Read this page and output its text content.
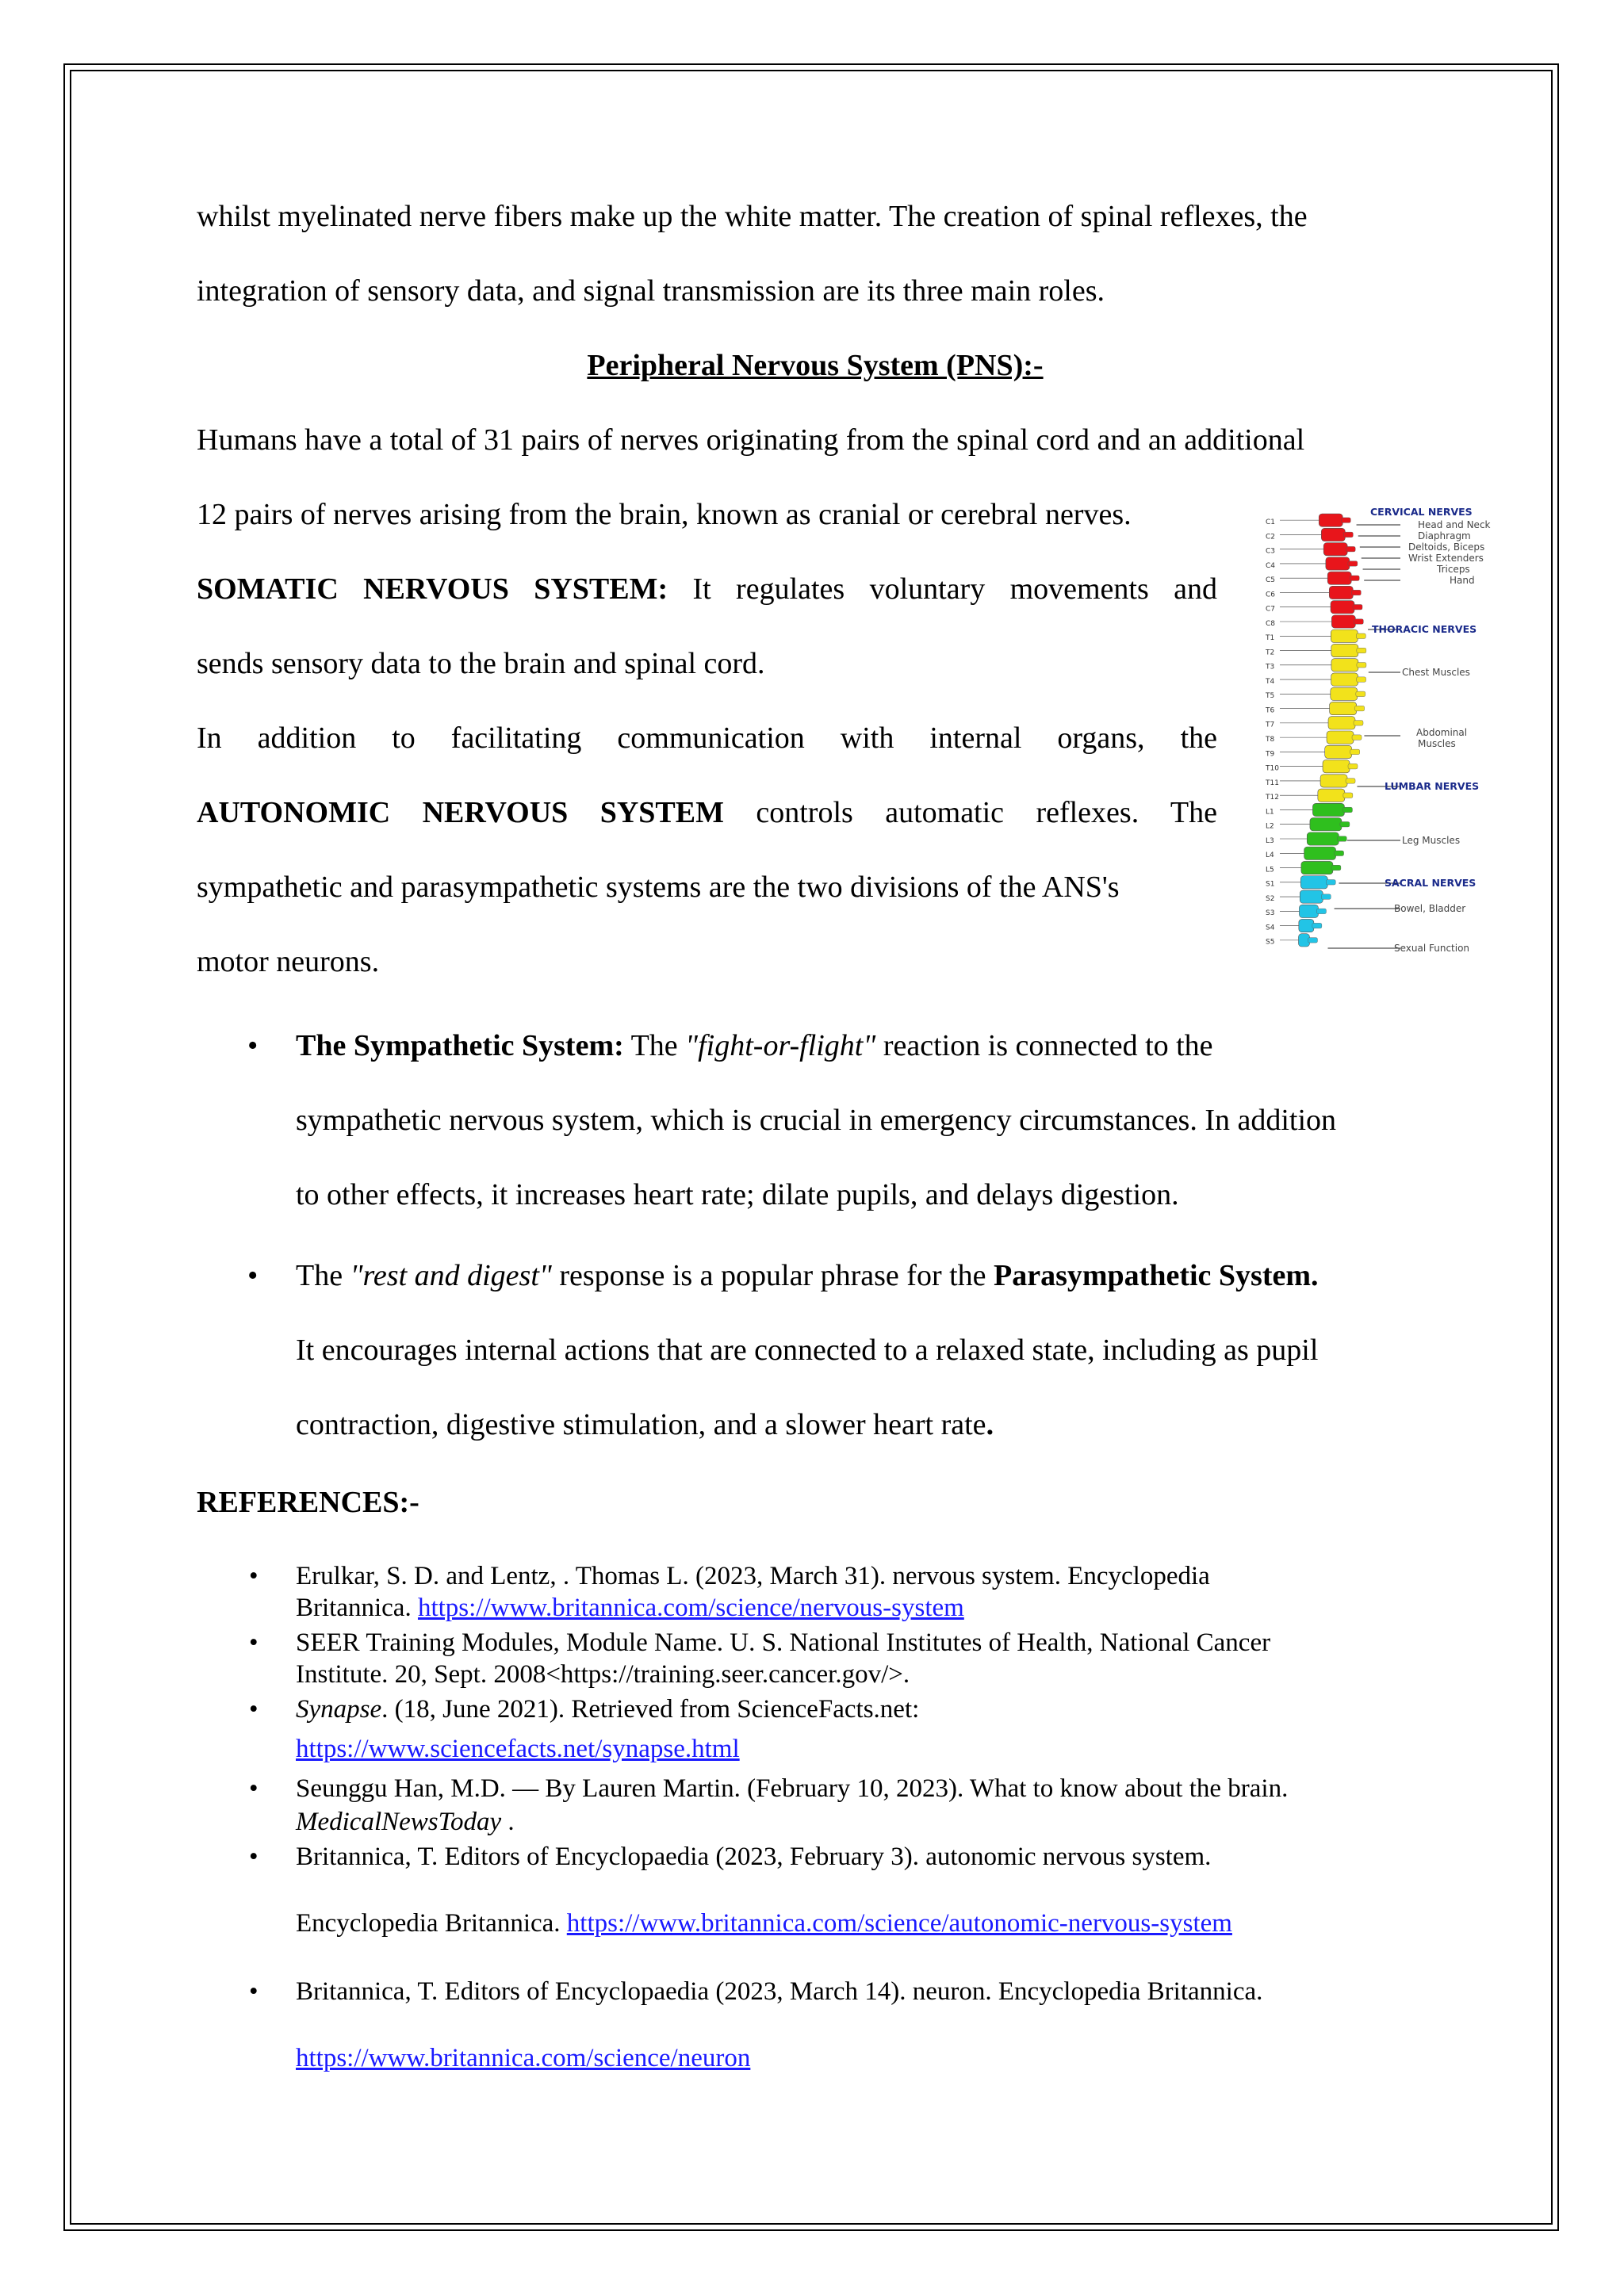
whilst myelinated nerve fibers make up the white matter. The creation of spinal reflexes, the
integration of sensory data, and signal transmission are its three main roles.
Peripheral Nervous System (PNS):-
Humans have a total of 31 pairs of nerves originating from the spinal cord and an additional
12 pairs of nerves arising from the brain, known as cranial or cerebral nerves.
SOMATIC NERVOUS SYSTEM: It regulates voluntary movements and
sends sensory data to the brain and spinal cord.
In addition to facilitating communication with internal organs, the
AUTONOMIC NERVOUS SYSTEM controls automatic reflexes. The
sympathetic and parasympathetic systems are the two divisions of the ANS's
motor neurons.
• The Sympathetic System: The "fight-or-flight" reaction is connected to the
sympathetic nervous system, which is crucial in emergency circumstances. In addition
to other effects, it increases heart rate; dilate pupils, and delays digestion.
• The "rest and digest" response is a popular phrase for the Parasympathetic System.
It encourages internal actions that are connected to a relaxed state, including as pupil
contraction, digestive stimulation, and a slower heart rate.
REFERENCES:-
• Erulkar, S. D. and Lentz, . Thomas L. (2023, March 31). nervous system. Encyclopedia
Britannica. https://www.britannica.com/science/nervous-system
• SEER Training Modules, Module Name. U. S. National Institutes of Health, National Cancer
Institute. 20, Sept. 2008<https://training.seer.cancer.gov/>.
• Synapse. (18, June 2021). Retrieved from ScienceFacts.net:
https://www.sciencefacts.net/synapse.html
• Seunggu Han, M.D. — By Lauren Martin. (February 10, 2023). What to know about the brain.
MedicalNewsToday .
• Britannica, T. Editors of Encyclopaedia (2023, February 3). autonomic nervous system.
Encyclopedia Britannica. https://www.britannica.com/science/autonomic-nervous-system
• Britannica, T. Editors of Encyclopaedia (2023, March 14). neuron. Encyclopedia Britannica.
https://www.britannica.com/science/neuron
C1
C2
C3
C4
C5
C6
C7
C8
T1
T2
T3
T4
T5
T6
T7
T8
T9
T10
T11
T12
L1
L2
L3
L4
L5
S1
S2
S3
S4
S5
CERVICAL NERVES
Head and Neck
Diaphragm
Deltoids, Biceps
Wrist Extenders
Triceps
Hand
THORACIC NERVES
Chest Muscles
Abdominal
Muscles
LUMBAR NERVES
Leg Muscles
SACRAL NERVES
Bowel, Bladder
Sexual Function
